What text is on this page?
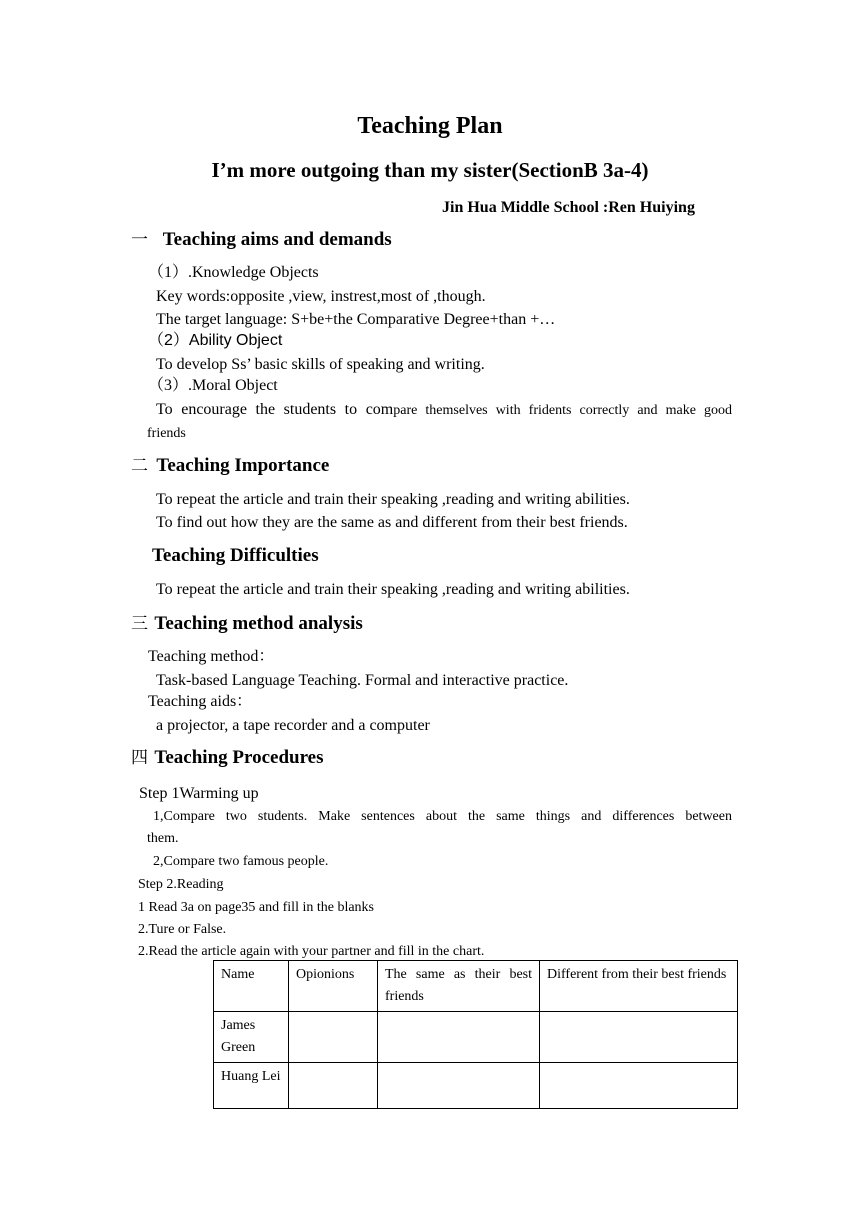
Teaching Plan
I’m more outgoing than my sister(SectionB 3a-4)
Jin Hua Middle School :Ren Huiying
一 Teaching aims and demands
（1）.Knowledge Objects
Key words:opposite ,view, instrest,most of ,though.
The target language: S+be+the Comparative Degree+than +…
（2）Ability Object
To develop Ss’ basic skills of speaking and writing.
（3）.Moral Object
To encourage the students to compare themselves with fridents correctly and make good
friends
二 Teaching Importance
To repeat the article and train their speaking ,reading and writing abilities.
To find out how they are the same as and different from their best friends.
Teaching Difficulties
To repeat the article and train their speaking ,reading and writing abilities.
三 Teaching method analysis
Teaching method：
Task-based Language Teaching. Formal and interactive practice.
Teaching aids：
a projector, a tape recorder and a computer
四 Teaching Procedures
Step 1Warming up
1,Compare two students. Make sentences about the same things and differences between
them.
2,Compare two famous people.
Step 2.Reading
1 Read 3a on page35 and fill in the blanks
2.Ture or False.
2.Read the article again with your partner and fill in the chart.
Name	Opionions	The same as their best friends	Different from their best friends
James Green			
Huang Lei			
